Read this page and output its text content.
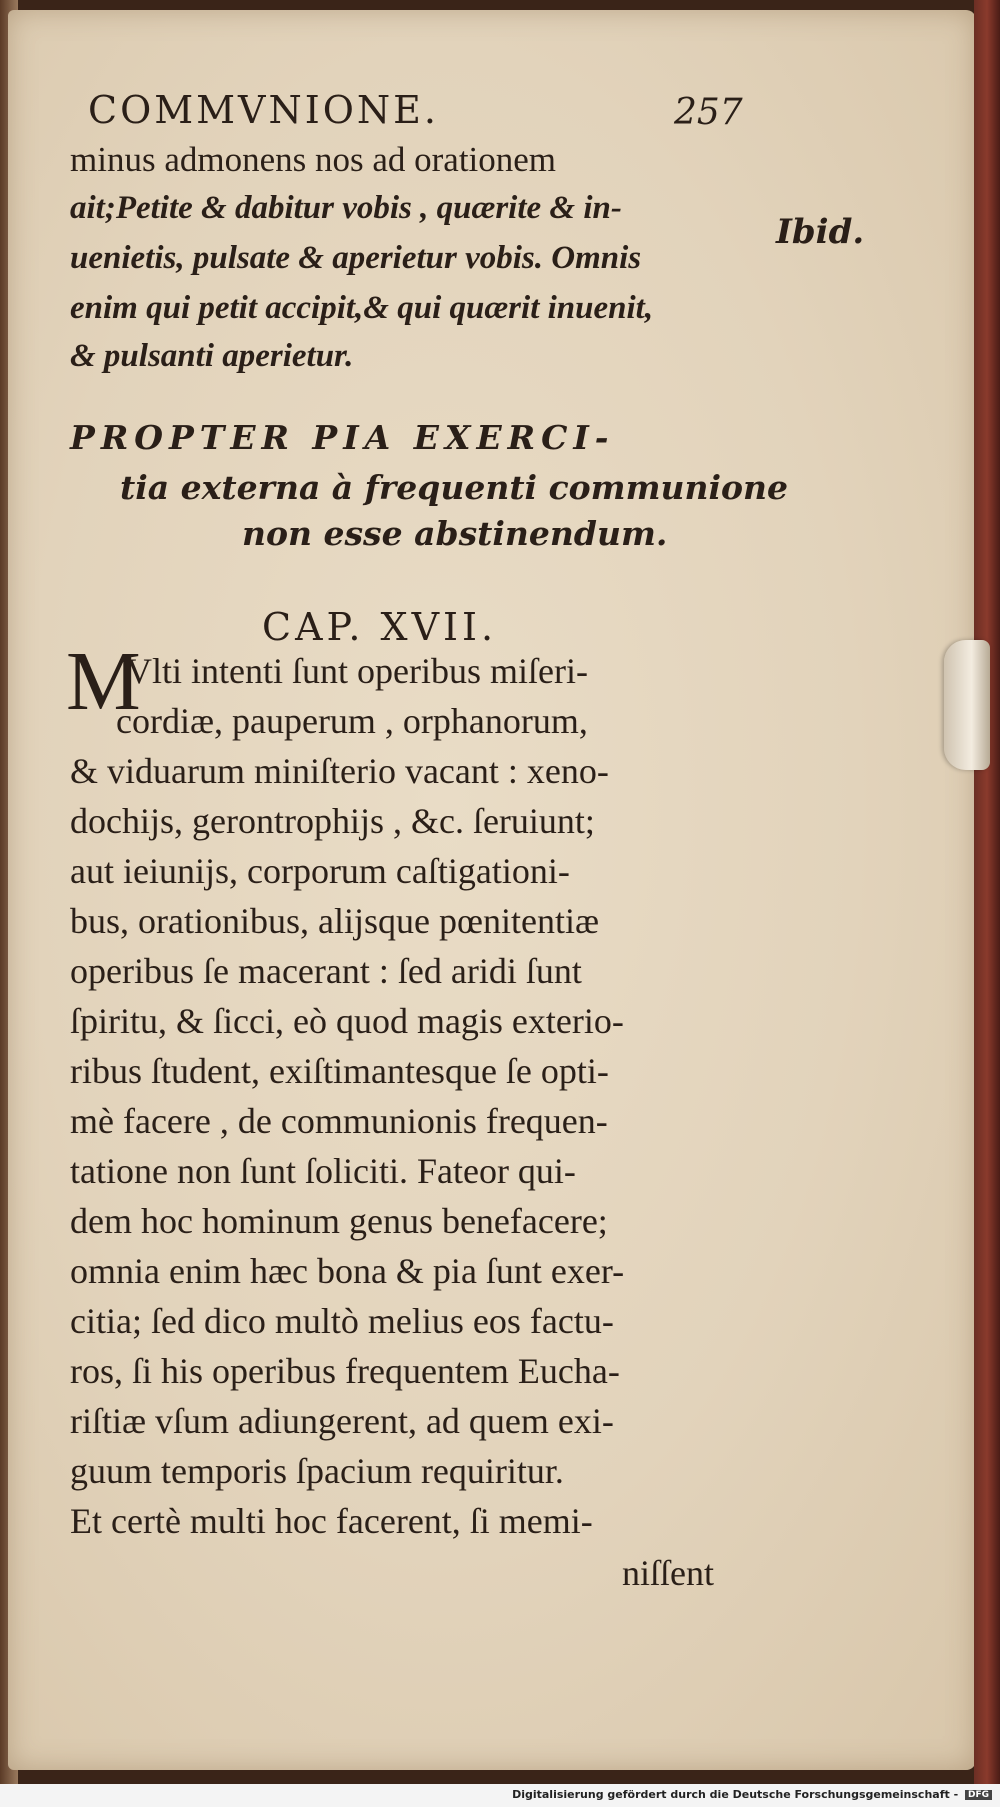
COMMVNIONE.	257
Ibid.
minus admonens nos ad orationem
ait;Petite & dabitur vobis , quærite & in-
uenietis, pulsate & aperietur vobis. Omnis
enim qui petit accipit,& qui quærit inuenit,
& pulsanti aperietur.
PROPTER PIA EXERCI-
tia externa à frequenti communione
non esse abstinendum.
CAP. XVII.
M
Vlti intenti ſunt operibus miſeri-
cordiæ, pauperum , orphanorum,
& viduarum miniſterio vacant : xeno-
dochijs, gerontrophijs , &c. ſeruiunt;
aut ieiunijs, corporum caſtigationi-
bus, orationibus, alijsque pœnitentiæ
operibus ſe macerant : ſed aridi ſunt
ſpiritu, & ſicci, eò quod magis exterio-
ribus ſtudent, exiſtimantesque ſe opti-
mè facere , de communionis frequen-
tatione non ſunt ſoliciti. Fateor qui-
dem hoc hominum genus benefacere;
omnia enim hæc bona & pia ſunt exer-
citia; ſed dico multò melius eos factu-
ros, ſi his operibus frequentem Eucha-
riſtiæ vſum adiungerent, ad quem exi-
guum temporis ſpacium requiritur.
Et certè multi hoc facerent, ſi memi-
niſſent
Digitalisierung gefördert durch die Deutsche Forschungsgemeinschaft - DFG
